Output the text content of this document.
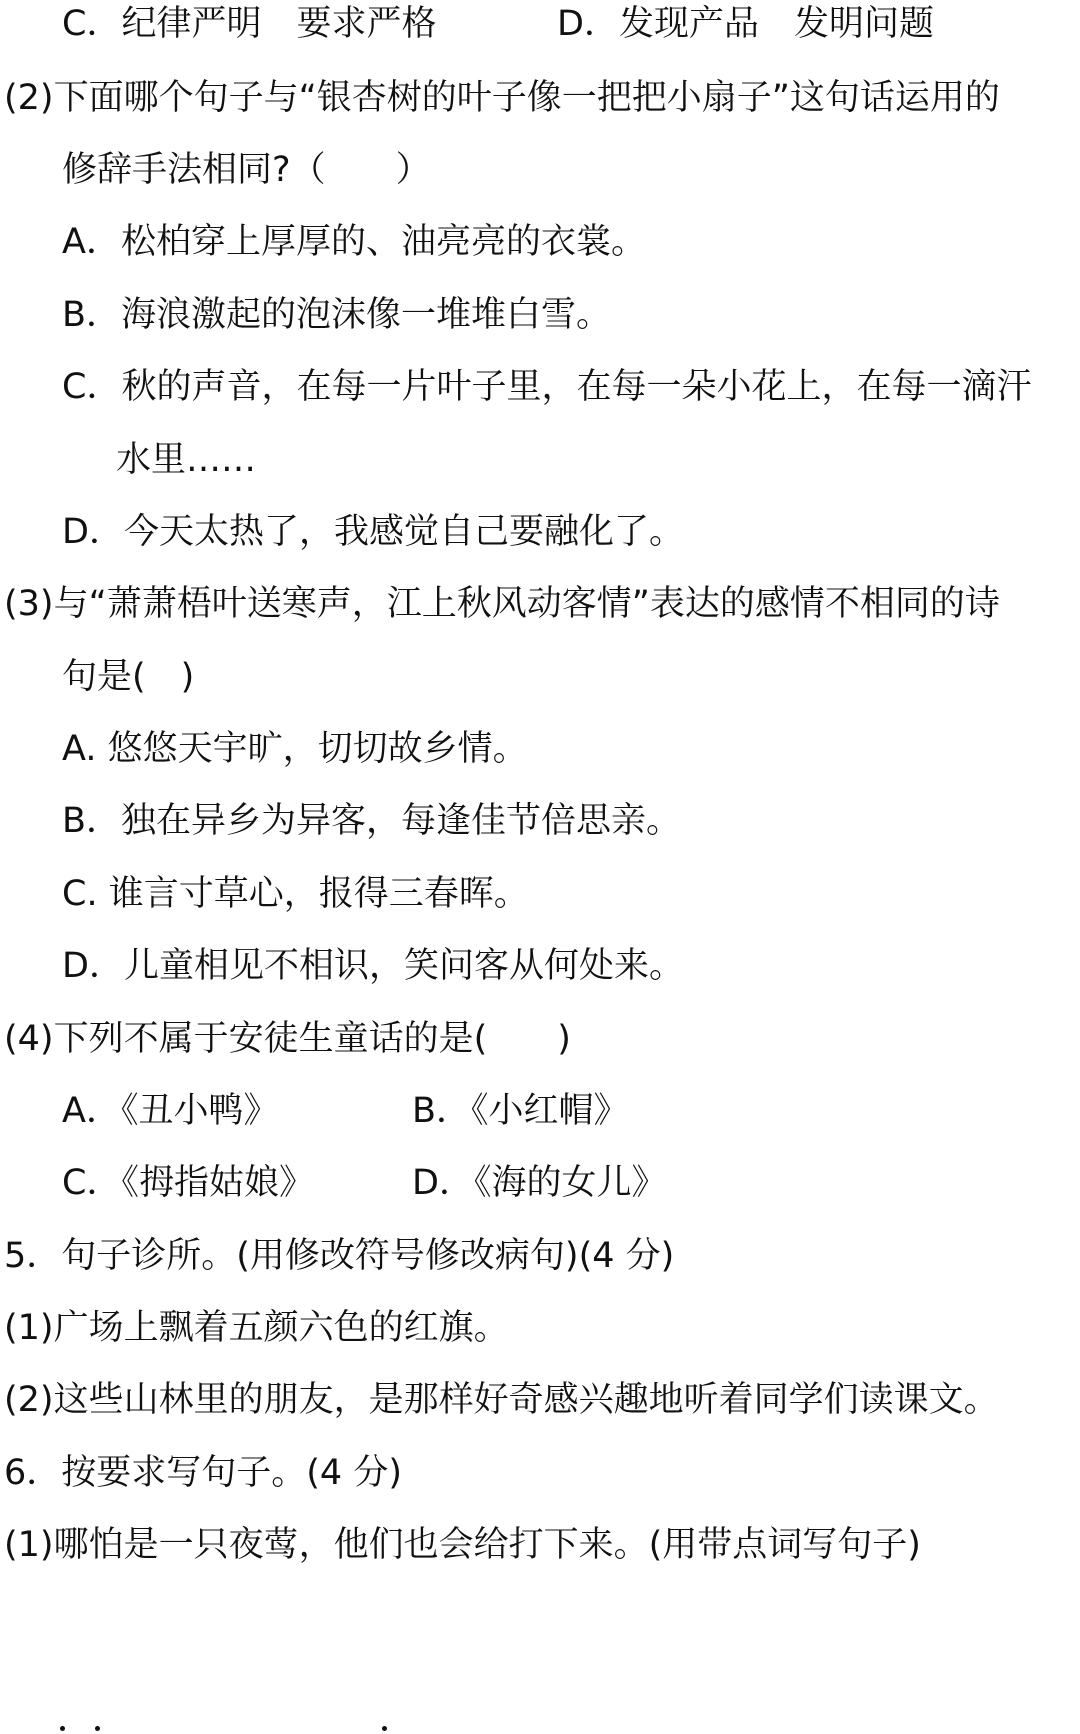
C．纪律严明　要求严格	D．发现产品　发明问题
(2)下面哪个句子与“银杏树的叶子像一把把小扇子”这句话运用的
修辞手法相同?（　　）
A．松柏穿上厚厚的、油亮亮的衣裳。
B．海浪激起的泡沫像一堆堆白雪。
C．秋的声音，在每一片叶子里，在每一朵小花上，在每一滴汗
水里……
D．今天太热了，我感觉自己要融化了。
(3)与“萧萧梧叶送寒声，江上秋风动客情”表达的感情不相同的诗
句是(　)
A. 悠悠天宇旷，切切故乡情。
B．独在异乡为异客，每逢佳节倍思亲。
C. 谁言寸草心，报得三春晖。
D．儿童相见不相识，笑问客从何处来。
(4)下列不属于安徒生童话的是(　　)
A．《丑小鸭》	B．《小红帽》
C．《拇指姑娘》	D．《海的女儿》
5．句子诊所。(用修改符号修改病句)(4 分)
(1)广场上飘着五颜六色的红旗。
(2)这些山林里的朋友，是那样好奇感兴趣地听着同学们读课文。
6．按要求写句子。(4 分)
(1)哪怕是一只夜莺，他们也会给打下来。(用带点词写句子)
